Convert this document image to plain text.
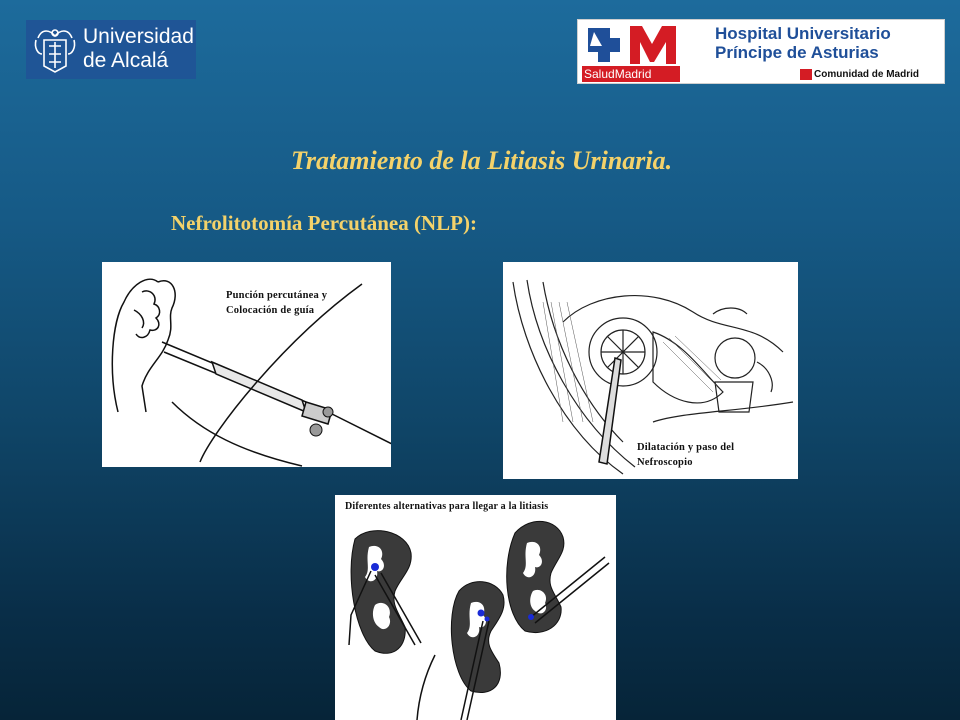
Universidad
de Alcalá
SaludMadrid
Hospital Universitario
Príncipe de Asturias
Comunidad de Madrid
Tratamiento de la Litiasis Urinaria.
Nefrolitotomía Percutánea (NLP):
Punción percutánea y
Colocación de guía
Dilatación y paso del
Nefroscopio
Diferentes alternativas para llegar a la litiasis
